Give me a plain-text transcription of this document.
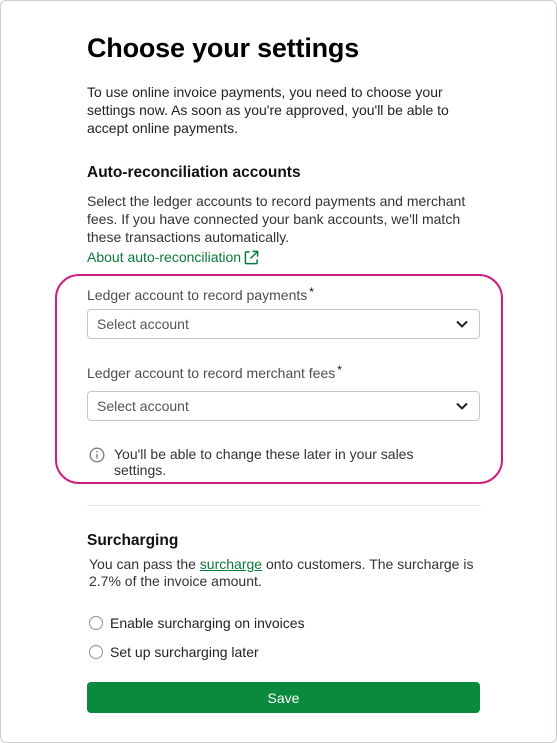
Choose your settings
To use online invoice payments, you need to choose your settings now. As soon as you're approved, you'll be able to accept online payments.
Auto-reconciliation accounts
Select the ledger accounts to record payments and merchant fees. If you have connected your bank accounts, we'll match these transactions automatically.
About auto-reconciliation
Ledger account to record payments *
Select account
Ledger account to record merchant fees *
Select account
You'll be able to change these later in your sales settings.
Surcharging
You can pass the surcharge onto customers. The surcharge is 2.7% of the invoice amount.
Enable surcharging on invoices
Set up surcharging later
Save
